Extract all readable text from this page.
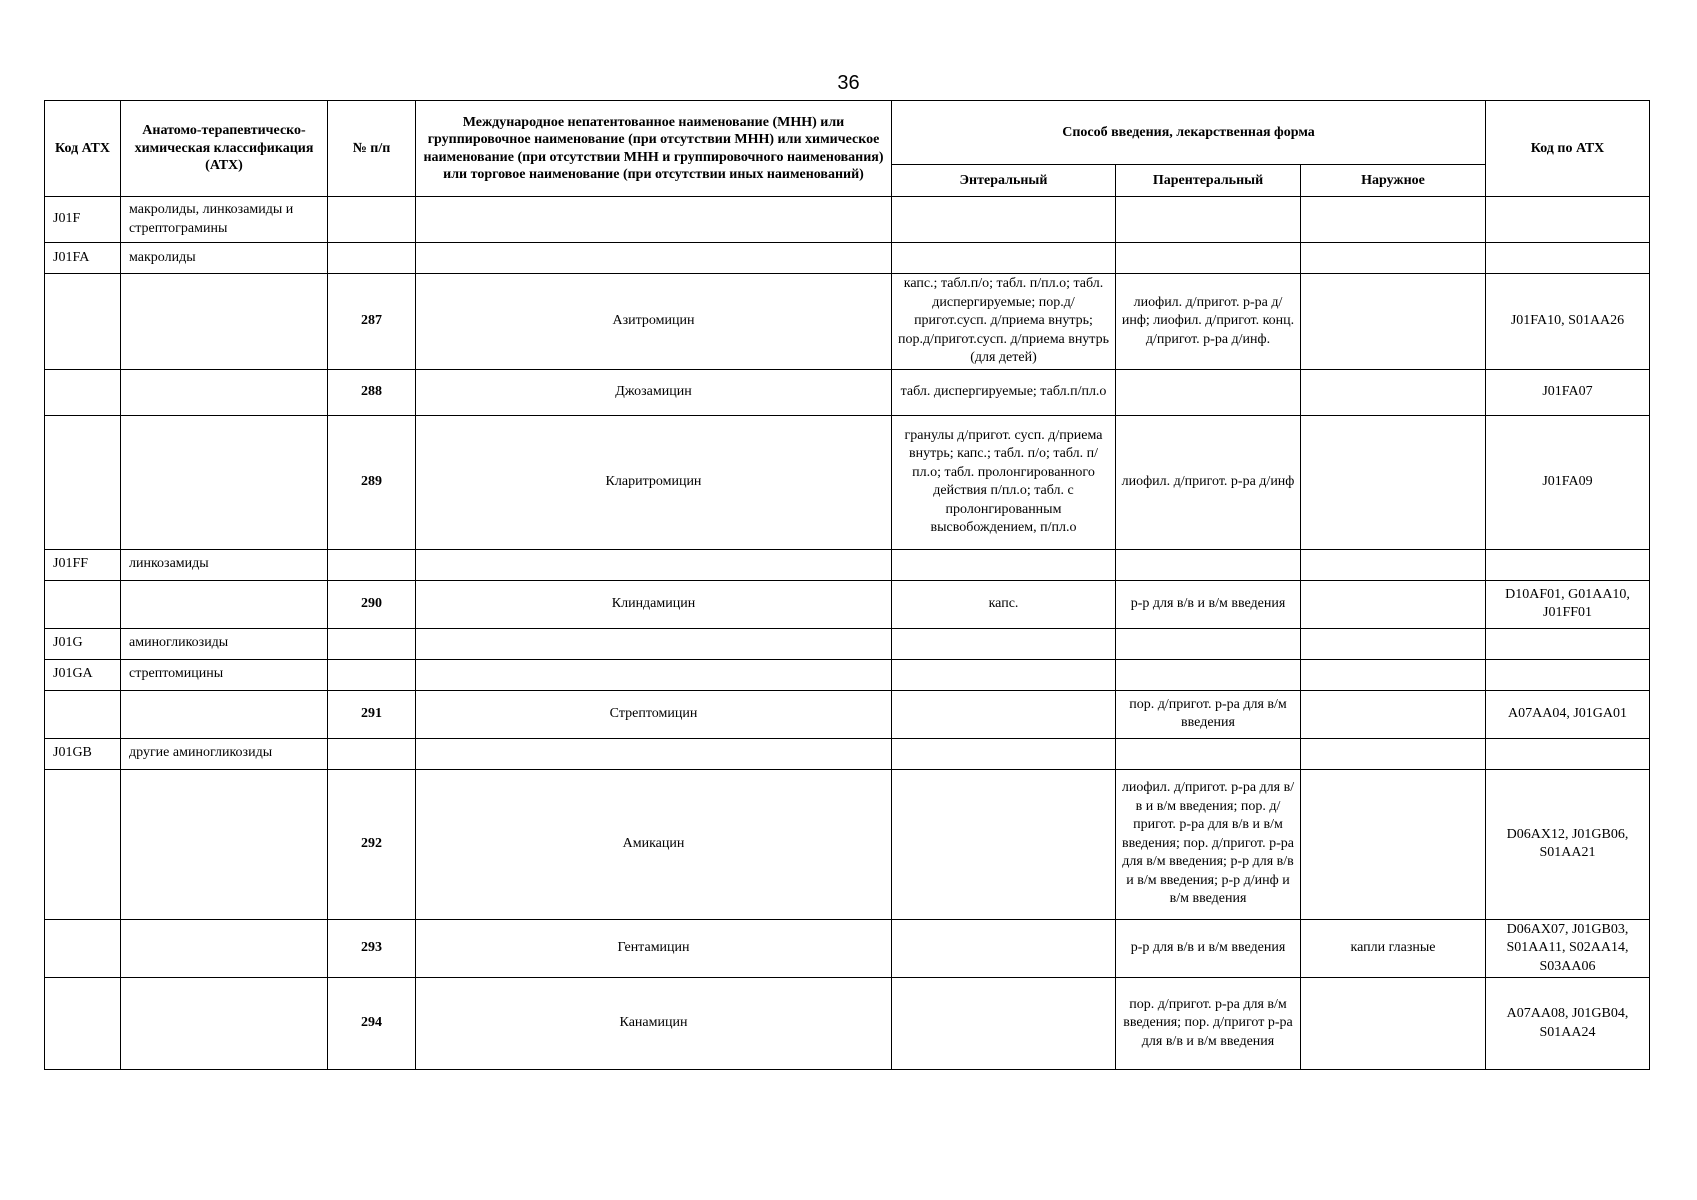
36
Код АТХ	Анатомо-терапевтическо-химическая классификация (АТХ)	№ п/п	Международное непатентованное наименование (МНН) или группировочное наименование (при отсутствии МНН) или химическое наименование (при отсутствии МНН и группировочного наименования) или торговое наименование (при отсутствии иных наименований)	Способ введения, лекарственная форма			Код по АТХ
				Энтеральный	Парентеральный	Наружное	
J01F	макролиды, линкозамиды и стрептограмины						
J01FA	макролиды						
		287	Азитромицин	капс.; табл.п/о; табл. п/пл.о; табл. диспергируемые; пор.д/пригот.сусп. д/приема внутрь; пор.д/пригот.сусп. д/приема внутрь (для детей)	лиофил. д/пригот. р-ра д/инф; лиофил. д/пригот. конц. д/пригот. р-ра д/инф.		J01FA10, S01AA26
		288	Джозамицин	табл. диспергируемые; табл.п/пл.о			J01FA07
		289	Кларитромицин	гранулы д/пригот. сусп. д/приема внутрь; капс.; табл. п/о; табл. п/пл.о; табл. пролонгированного действия п/пл.о; табл. с пролонгированным высвобождением, п/пл.о	лиофил. д/пригот. р-ра д/инф		J01FA09
J01FF	линкозамиды						
		290	Клиндамицин	капс.	р-р для в/в и в/м введения		D10AF01, G01AA10, J01FF01
J01G	аминогликозиды						
J01GA	стрептомицины						
		291	Стрептомицин		пор. д/пригот. р-ра для в/м введения		A07AA04, J01GA01
J01GB	другие аминогликозиды						
		292	Амикацин		лиофил. д/пригот. р-ра для в/в и в/м введения; пор. д/пригот. р-ра для в/в и в/м введения; пор. д/пригот. р-ра для в/м введения; р-р для в/в и в/м введения; р-р д/инф и в/м введения		D06AX12, J01GB06, S01AA21
		293	Гентамицин		р-р для в/в и в/м введения	капли глазные	D06AX07, J01GB03, S01AA11, S02AA14, S03AA06
		294	Канамицин		пор. д/пригот. р-ра для в/м введения; пор. д/пригот р-ра для в/в и в/м введения		A07AA08, J01GB04, S01AA24
